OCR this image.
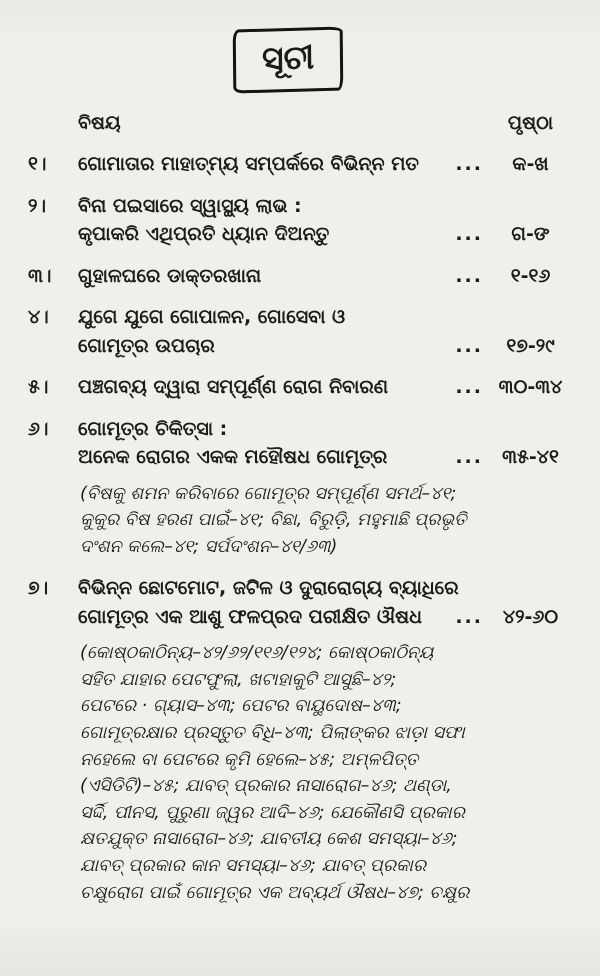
ସୂଚୀ
ବିଷୟ	ପୃଷ୍ଠା
୧।	ଗୋମାତାର ମାହାତ୍ମ୍ୟ ସମ୍ପର୍କରେ ବିଭିନ୍ନ ମତ	...	କ-ଖ
୨।	ବିନା ପଇସାରେ ସ୍ୱାସ୍ଥ୍ୟ ଲାଭ :
କୃପାକରି ଏଥିପ୍ରତି ଧ୍ୟାନ ଦିଅନ୍ତୁ	...	ଗ-ଙ
୩।	ଗୁହାଳଘରେ ଡାକ୍ତରଖାନା	...	୧-୧୬
୪।	ଯୁଗେ ଯୁଗେ ଗୋପାଳନ, ଗୋସେବା ଓ
ଗୋମୂତ୍ର ଉପଚାର	...	୧୭-୨୯
୫।	ପଞ୍ଚଗବ୍ୟ ଦ୍ୱାରା ସମ୍ପୂର୍ଣ୍ଣ ରୋଗ ନିବାରଣ	... ୩୦-୩୪
୬।	ଗୋମୂତ୍ର ଚିକିତ୍ସା :
ଅନେକ ରୋଗର ଏକକ ମହୌଷଧ ଗୋମୂତ୍ର	...	୩୫-୪୧
(ବିଷକୁ ଶମନ କରିବାରେ ଗୋମୂତ୍ର ସମ୍ପୂର୍ଣ୍ଣ ସମର୍ଥ–୪୧;
କୁକୁର ବିଷ ହରଣ ପାଇଁ–୪୧; ବିଛା, ବିରୁଡ଼ି, ମହୁମାଛି ପ୍ରଭୃତି
ଦଂଶନ କଲେ–୪୧; ସର୍ପଦଂଶନ–୪୧/୬୩)
୭।	ବିଭିନ୍ନ ଛୋଟମୋଟ, ଜଟିଳ ଓ ଦୁରାରୋଗ୍ୟ ବ୍ୟାଧିରେ
ଗୋମୂତ୍ର ଏକ ଆଶୁ ଫଳପ୍ରଦ ପରୀକ୍ଷିତ ଔଷଧ	...	୪୨-୬୦
(କୋଷ୍ଠକାଠିନ୍ୟ–୪୨/୬୨/୧୧୬/୧୨୪; କୋଷ୍ଠକାଠିନ୍ୟ
ସହିତ ଯାହାର ପେଟଫୁଲା, ଖଟାହାକୁଟି ଆସୁଛି–୪୨;
ପେଟରେ · ଗ୍ୟାସ–୪୩; ପେଟର ବାୟୁଦୋଷ–୪୩;
ଗୋମୂତ୍ରକ୍ଷାର ପ୍ରସ୍ତୁତ ବିଧି–୪୩; ପିଲାଙ୍କର ଝାଡ଼ା ସଫା
ନହେଲେ ବା ପେଟରେ କୃମି ହେଲେ–୪୫; ଅମ୍ଳପିତ୍ତ
(ଏସିଡିଟି)–୪୫; ଯାବତ୍ ପ୍ରକାର ନାସାରୋଗ–୪୬; ଥଣ୍ଡା,
ସର୍ଦ୍ଦି, ପୀନସ, ପୁରୁଣା ଜ୍ୱର ଆଦି–୪୬; ଯେକୌଣସି ପ୍ରକାର
କ୍ଷତଯୁକ୍ତ ନାସାରୋଗ–୪୬; ଯାବତୀୟ କେଶ ସମସ୍ୟା–୪୬;
ଯାବତ୍ ପ୍ରକାର କାନ ସମସ୍ୟା–୪୬; ଯାବତ୍ ପ୍ରକାର
ଚକ୍ଷୁରୋଗ ପାଇଁ ଗୋମୂତ୍ର ଏକ ଅବ୍ୟର୍ଥ ଔଷଧ–୪୭; ଚକ୍ଷୁର
